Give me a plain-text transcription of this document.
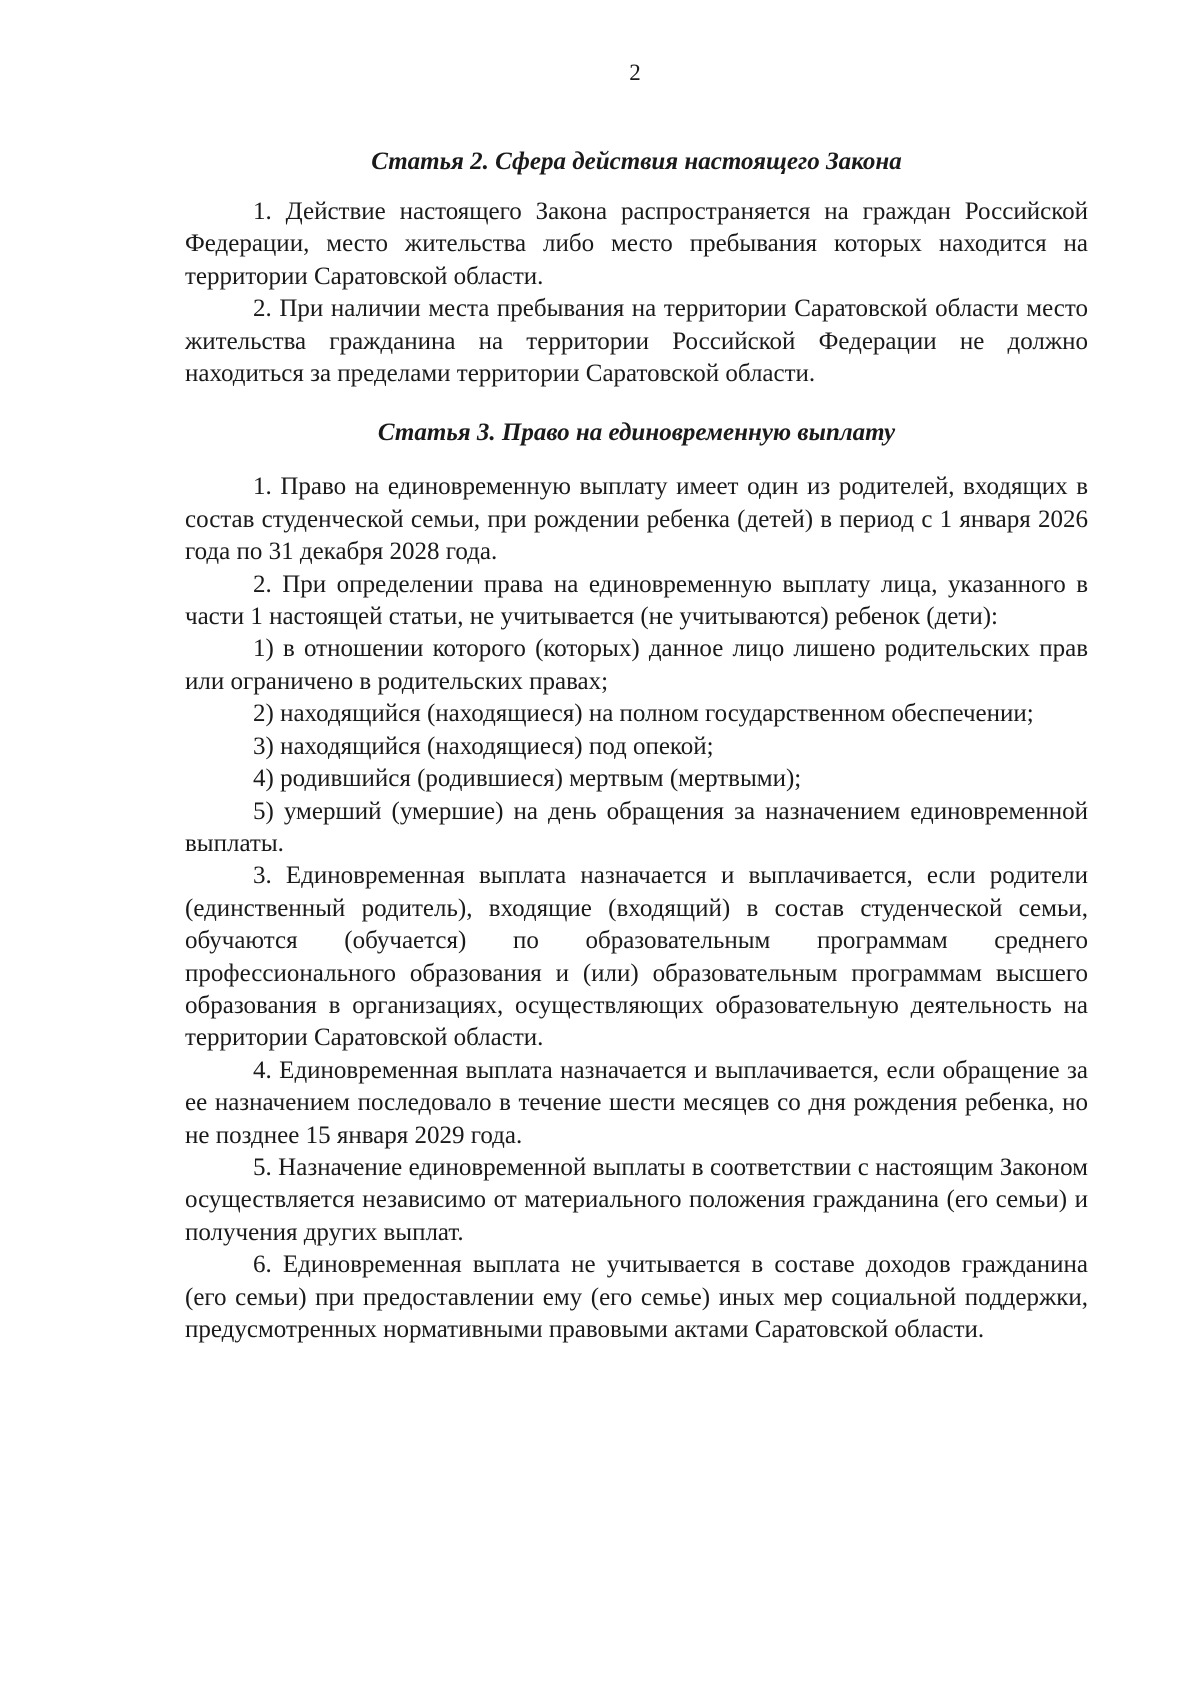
2
Статья 2. Сфера действия настоящего Закона

1. Действие настоящего Закона распространяется на граждан Российской Федерации, место жительства либо место пребывания которых находится на территории Саратовской области.

2. При наличии места пребывания на территории Саратовской области место жительства гражданина на территории Российской Федерации не должно находиться за пределами территории Саратовской области.

Статья 3. Право на единовременную выплату

1. Право на единовременную выплату имеет один из родителей, входящих в состав студенческой семьи, при рождении ребенка (детей) в период с 1 января 2026 года по 31 декабря 2028 года.

2. При определении права на единовременную выплату лица, указанного в части 1 настоящей статьи, не учитывается (не учитываются) ребенок (дети):

1) в отношении которого (которых) данное лицо лишено родительских прав или ограничено в родительских правах;

2) находящийся (находящиеся) на полном государственном обеспечении;

3) находящийся (находящиеся) под опекой;

4) родившийся (родившиеся) мертвым (мертвыми);

5) умерший (умершие) на день обращения за назначением единовременной выплаты.

3. Единовременная выплата назначается и выплачивается, если родители (единственный родитель), входящие (входящий) в состав студенческой семьи, обучаются (обучается) по образовательным программам среднего профессионального образования и (или) образовательным программам высшего образования в организациях, осуществляющих образовательную деятельность на территории Саратовской области.

4. Единовременная выплата назначается и выплачивается, если обращение за ее назначением последовало в течение шести месяцев со дня рождения ребенка, но не позднее 15 января 2029 года.

5. Назначение единовременной выплаты в соответствии с настоящим Законом осуществляется независимо от материального положения гражданина (его семьи) и получения других выплат.

6. Единовременная выплата не учитывается в составе доходов гражданина (его семьи) при предоставлении ему (его семье) иных мер социальной поддержки, предусмотренных нормативными правовыми актами Саратовской области.
